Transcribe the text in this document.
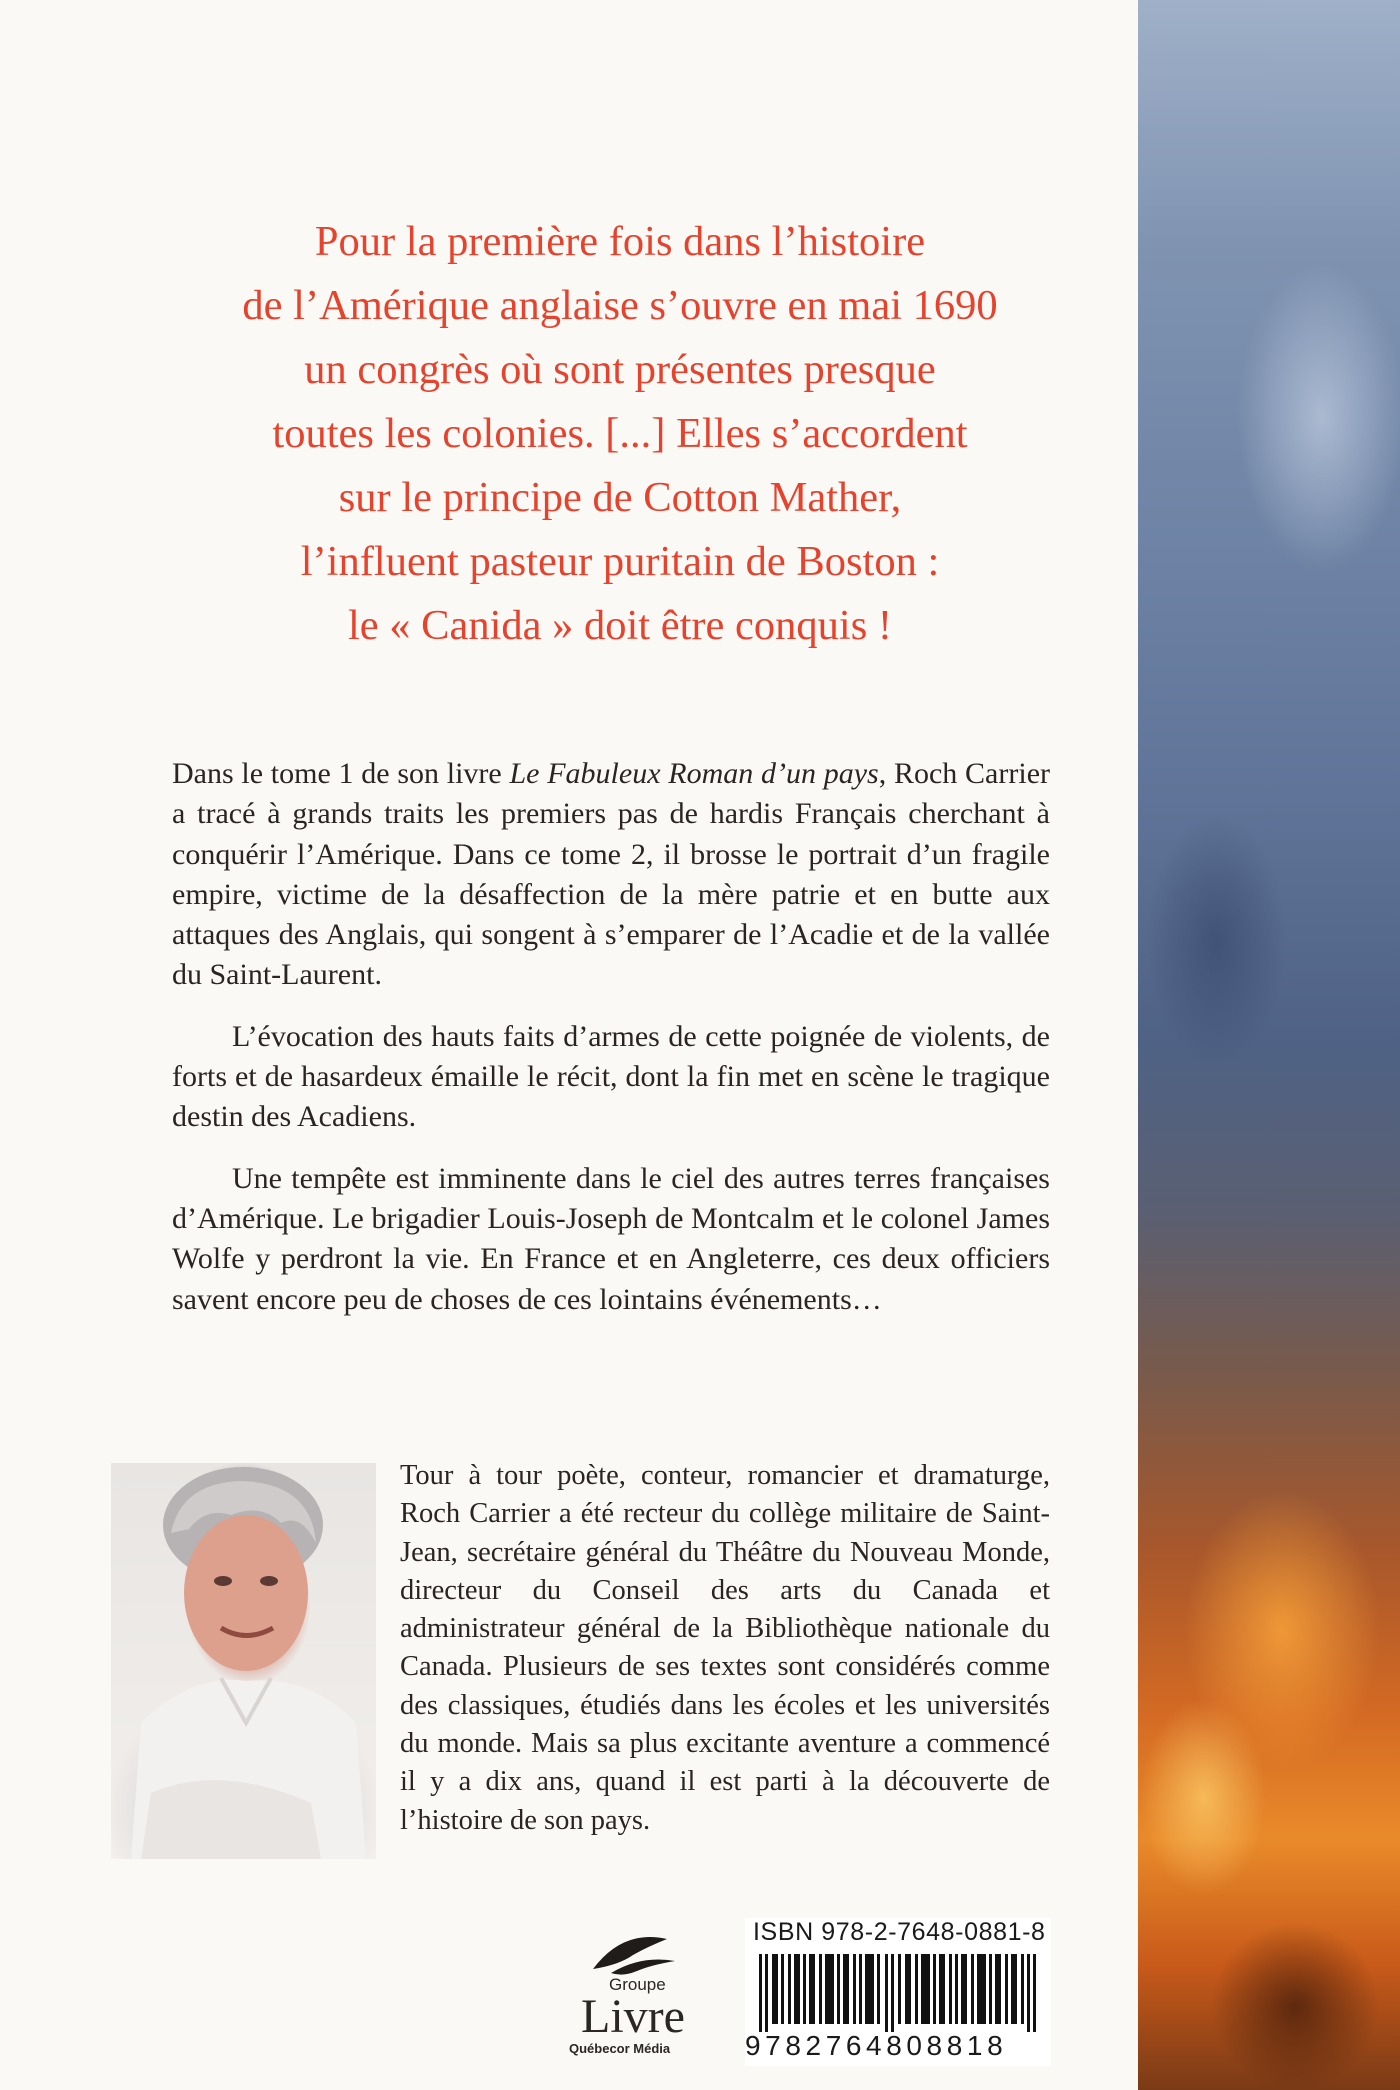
Pour la première fois dans l’histoire

de l’Amérique anglaise s’ouvre en mai 1690

un congrès où sont présentes presque

toutes les colonies. [...] Elles s’accordent

sur le principe de Cotton Mather,

l’influent pasteur puritain de Boston :

le « Canida » doit être conquis !

Dans le tome 1 de son livre Le Fabuleux Roman d’un pays, Roch Carrier a tracé à grands traits les premiers pas de hardis Français cherchant à conquérir l’Amérique. Dans ce tome 2, il brosse le portrait d’un fragile empire, victime de la désaffection de la mère patrie et en butte aux attaques des Anglais, qui songent à s’emparer de l’Acadie et de la vallée du Saint-Laurent.

L’évocation des hauts faits d’armes de cette poignée de violents, de forts et de hasardeux émaille le récit, dont la fin met en scène le tragique destin des Acadiens.

Une tempête est imminente dans le ciel des autres terres françaises d’Amérique. Le brigadier Louis-Joseph de Montcalm et le colonel James Wolfe y perdront la vie. En France et en Angleterre, ces deux officiers savent encore peu de choses de ces lointains événements…

Tour à tour poète, conteur, romancier et dramaturge, Roch Carrier a été recteur du collège militaire de Saint-Jean, secrétaire général du Théâtre du Nouveau Monde, directeur du Conseil des arts du Canada et administrateur général de la Bibliothèque nationale du Canada. Plusieurs de ses textes sont considérés comme des classiques, étudiés dans les écoles et les universités du monde. Mais sa plus excitante aventure a commencé il y a dix ans, quand il est parti à la découverte de l’histoire de son pays.

Groupe
Livre
Québecor Média
ISBN 978-2-7648-0881-8
9782764808818
